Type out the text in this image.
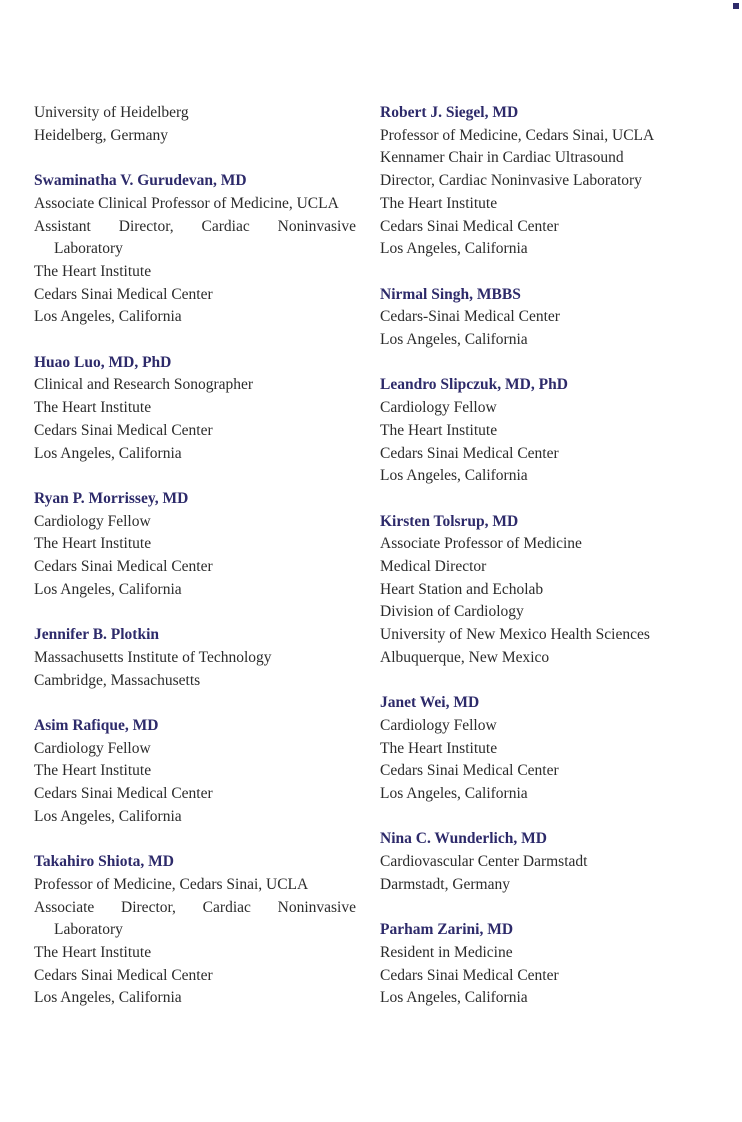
University of Heidelberg
Heidelberg, Germany
Swaminatha V. Gurudevan, MD
Associate Clinical Professor of Medicine, UCLA
Assistant Director, Cardiac Noninvasive Laboratory
The Heart Institute
Cedars Sinai Medical Center
Los Angeles, California
Huao Luo, MD, PhD
Clinical and Research Sonographer
The Heart Institute
Cedars Sinai Medical Center
Los Angeles, California
Ryan P. Morrissey, MD
Cardiology Fellow
The Heart Institute
Cedars Sinai Medical Center
Los Angeles, California
Jennifer B. Plotkin
Massachusetts Institute of Technology
Cambridge, Massachusetts
Asim Rafique, MD
Cardiology Fellow
The Heart Institute
Cedars Sinai Medical Center
Los Angeles, California
Takahiro Shiota, MD
Professor of Medicine, Cedars Sinai, UCLA
Associate Director, Cardiac Noninvasive Laboratory
The Heart Institute
Cedars Sinai Medical Center
Los Angeles, California
Robert J. Siegel, MD
Professor of Medicine, Cedars Sinai, UCLA
Kennamer Chair in Cardiac Ultrasound
Director, Cardiac Noninvasive Laboratory
The Heart Institute
Cedars Sinai Medical Center
Los Angeles, California
Nirmal Singh, MBBS
Cedars-Sinai Medical Center
Los Angeles, California
Leandro Slipczuk, MD, PhD
Cardiology Fellow
The Heart Institute
Cedars Sinai Medical Center
Los Angeles, California
Kirsten Tolsrup, MD
Associate Professor of Medicine
Medical Director
Heart Station and Echolab
Division of Cardiology
University of New Mexico Health Sciences
Albuquerque, New Mexico
Janet Wei, MD
Cardiology Fellow
The Heart Institute
Cedars Sinai Medical Center
Los Angeles, California
Nina C. Wunderlich, MD
Cardiovascular Center Darmstadt
Darmstadt, Germany
Parham Zarini, MD
Resident in Medicine
Cedars Sinai Medical Center
Los Angeles, California
